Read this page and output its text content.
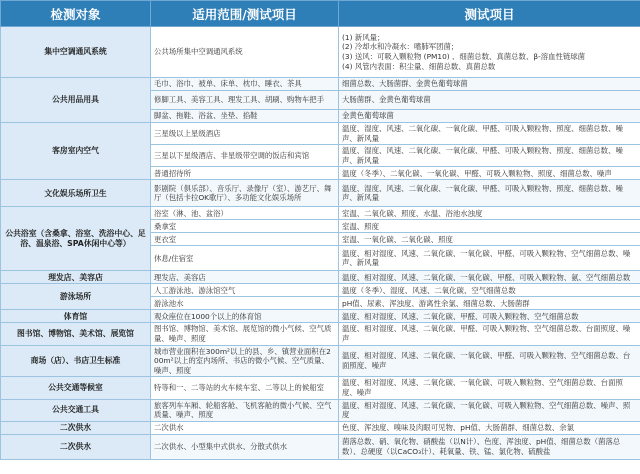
检测对象	适用范围/测试项目	测试项目
集中空调通风系统	公共场所集中空调通风系统	(1) 新风量；
(2) 冷却水和冷凝水：嗜肺军团菌；
(3) 送风：可吸入颗粒物 (PM10) 、细菌总数、真菌总数、β-溶血性链球菌
(4) 风管内表面：积尘量、细菌总数、真菌总数
公共用品用具	毛巾、浴巾、被单、床单、枕巾、睡衣、茶具	细菌总数、大肠菌群、金黄色葡萄球菌
	修脚工具、美容工具、理发工具、胡刷、购物车把手	大肠菌群、金黄色葡萄球菌
	脚盆、拖鞋、浴盆、坐垫、掐鞋	金黄色葡萄球菌
客房室内空气	三星级以上星级酒店	温度、湿度、风速、二氧化碳、一氧化碳、甲醛、可吸入颗粒物、照度、细菌总数、噪声、新风量
	三星以下星级酒店、非星级带空调的饭店和宾馆	温度、湿度、风速、二氧化碳、一氧化碳、甲醛、可吸入颗粒物、照度、细菌总数、噪声、新风量
	普通招待所	温度（冬季）、二氧化碳、一氧化碳、甲醛、可吸入颗粒物、照度、细菌总数、噪声
文化娱乐场所卫生	影剧院（俱乐部）、音乐厅、录像厅（室）、游艺厅、舞厅（包括卡拉OK歌厅）、多功能文化娱乐场所	温度、湿度、风速、二氧化碳、一氧化碳、甲醛、可吸入颗粒物、照度、细菌总数、噪声、新风量
公共浴室（含桑拿、浴室、洗浴中心、足浴、温泉浴、SPA休闲中心等）	浴室（淋、池、盆浴）	室温、二氧化碳、照度、水温、浴池水浊度
	桑拿室	室温、照度
	更衣室	室温、一氧化碳、二氧化碳、照度
	休息/住宿室	温度、相对湿度、风速、二氧化碳、一氧化碳、甲醛、可吸入颗粒物、空气细菌总数、噪声、新风量
理发店、美容店	理发店、美容店	温度、相对湿度、风速、二氧化碳、一氧化碳、甲醛、可吸入颗粒物、氨、空气细菌总数
游泳场所	人工游泳池、游泳馆空气	温度（冬季）、湿度、风速、二氧化碳、空气细菌总数
	游泳池水	pH值、尿素、浑浊度、游离性余氯、细菌总数、大肠菌群
体育馆	观众座位在1000个以上的体育馆	温度、相对湿度、风速、二氧化碳、甲醛、可吸入颗粒物、空气细菌总数
图书馆、博物馆、美术馆、展览馆	图书馆、博物馆、美术馆、展览馆的微小气候、空气质量、噪声、照度	温度、相对湿度、风速、二氧化碳、甲醛、可吸入颗粒物、空气细菌总数、台面照度、噪声
商场（店）、书店卫生标准	城市营业面积在300m²以上的县、乡、镇营业面积在200m²以上的室内场所、书店的微小气候、空气质量、噪声、照度	温度、相对湿度、风速、二氧化碳、一氧化碳、甲醛、可吸入颗粒物、空气细菌总数、台面照度、噪声
公共交通等候室	特等和一、二等站的火车候车室、二等以上的候船室	温度、相对湿度、风速、二氧化碳、一氧化碳、可吸入颗粒物、空气细菌总数、台面照度、噪声
公共交通工具	旅客列车车厢、轮船客舱、飞机客舱的微小气候、空气质量、噪声、照度	温度、相对湿度、风速、二氧化碳、一氧化碳、可吸入颗粒物、空气细菌总数、噪声、照度
二次供水	二次供水	色度、浑浊度、嗅味及肉眼可见物、pH值、大肠菌群、细菌总数、余氯
二次供水	二次供水、小型集中式供水、分散式供水	菌落总数、硝、氧化物、硝酸盐（以N计）、色度、浑浊度、pH值、细菌总数（菌落总数）、总硬度（以CaCO₃计）、耗氧量、铁、锰、氯化物、硫酸盐
